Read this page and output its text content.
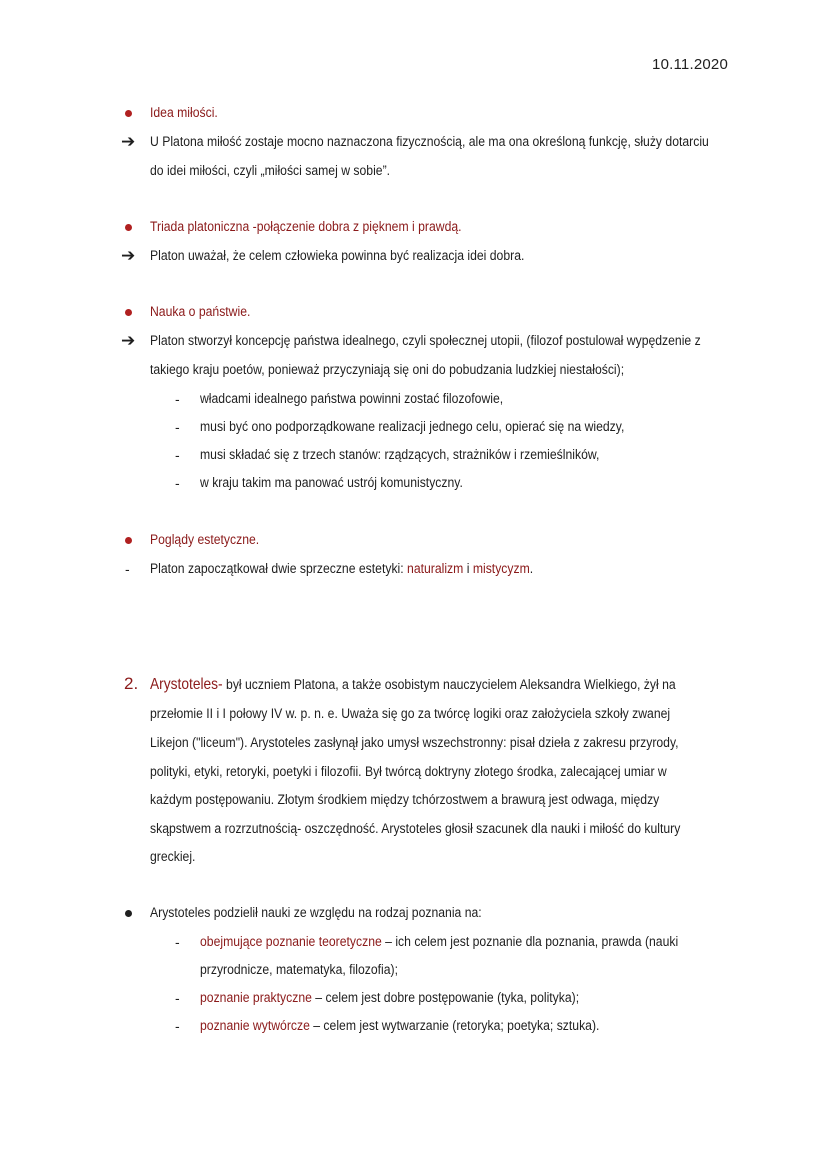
10.11.2020
Idea miłości.
➔ U Platona miłość zostaje mocno naznaczona fizycznością, ale ma ona określoną funkcję, służy dotarciu
do idei miłości, czyli „miłości samej w sobie”.
Triada platoniczna -połączenie dobra z pięknem i prawdą.
➔ Platon uważał, że celem człowieka powinna być realizacja idei dobra.
Nauka o państwie.
➔ Platon stworzył koncepcję państwa idealnego, czyli społecznej utopii, (filozof postulował wypędzenie z
takiego kraju poetów, ponieważ przyczyniają się oni do pobudzania ludzkiej niestałości);
- władcami idealnego państwa powinni zostać filozofowie,
- musi być ono podporządkowane realizacji jednego celu, opierać się na wiedzy,
- musi składać się z trzech stanów: rządzących, strażników i rzemieślników,
- w kraju takim ma panować ustrój komunistyczny.
Poglądy estetyczne.
- Platon zapoczątkował dwie sprzeczne estetyki: naturalizm i mistycyzm.
2. Arystoteles- był uczniem Platona, a także osobistym nauczycielem Aleksandra Wielkiego, żył na
przełomie II i I połowy IV w. p. n. e. Uważa się go za twórcę logiki oraz założyciela szkoły zwanej
Likejon ("liceum"). Arystoteles zasłynął jako umysł wszechstronny: pisał dzieła z zakresu przyrody,
polityki, etyki, retoryki, poetyki i filozofii. Był twórcą doktryny złotego środka, zalecającej umiar w
każdym postępowaniu. Złotym środkiem między tchórzostwem a brawurą jest odwaga, między
skąpstwem a rozrzutnością- oszczędność. Arystoteles głosił szacunek dla nauki i miłość do kultury
greckiej.
Arystoteles podzielił nauki ze względu na rodzaj poznania na:
- obejmujące poznanie teoretyczne – ich celem jest poznanie dla poznania, prawda (nauki
przyrodnicze, matematyka, filozofia);
- poznanie praktyczne – celem jest dobre postępowanie (tyka, polityka);
- poznanie wytwórcze – celem jest wytwarzanie (retoryka; poetyka; sztuka).
